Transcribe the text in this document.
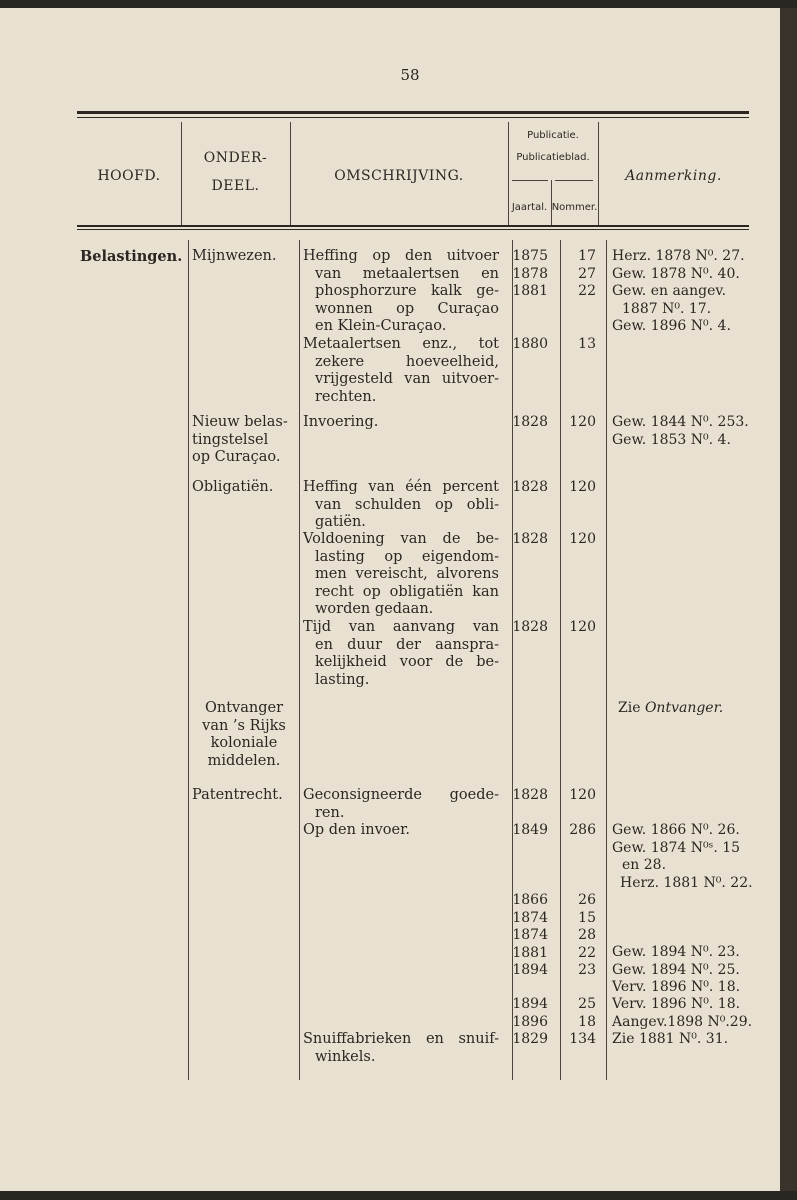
58
HOOFD.
ONDER-
DEEL.
OMSCHRIJVING.
Publicatie.
Publicatieblad.
Jaartal. Nommer.
Aanmerking.
Belastingen. Mijnwezen.
Nieuw belas-
tingstelsel
op Curaçao.
Obligatiën.
Ontvanger
van ’s Rijks
koloniale
middelen.
Patentrecht.
Heffing op den uitvoer
van metaalertsen en
phosphorzure kalk ge-
wonnen op Curaçao
en Klein-Curaçao.
Metaalertsen enz., tot
zekere hoeveelheid,
vrijgesteld van uitvoer-
rechten.
Invoering.
Heffing van één percent
van schulden op obli-
gatiën.
Voldoening van de be-
lasting op eigendom-
men vereischt, alvorens
recht op obligatiën kan
worden gedaan.
Tijd van aanvang van
en duur der aanspra-
kelijkheid voor de be-
lasting.
Geconsigneerde goede-
ren.
Op den invoer.
Snuiffabrieken en snuif-
winkels.
1875
1878
1881
1880
1828
1828
1828
1828
1828
1849
1866
1874
1874
1881
1894
1894
1896
1829
17
27
22
13
120
120
120
120
120
286
26
15
28
22
23
25
18
134
Herz. 1878 N⁰. 27.
Gew. 1878 N⁰. 40.
Gew. en aangev.
1887 N⁰. 17.
Gew. 1896 N⁰. 4.
Gew. 1844 N⁰. 253.
Gew. 1853 N⁰. 4.
Zie Ontvanger.
Gew. 1866 N⁰. 26.
Gew. 1874 N⁰ˢ. 15
en 28.
Herz. 1881 N⁰. 22.
Gew. 1894 N⁰. 23.
Gew. 1894 N⁰. 25.
Verv. 1896 N⁰. 18.
Verv. 1896 N⁰. 18.
Aangev.1898 N⁰.29.
Zie 1881 N⁰. 31.
